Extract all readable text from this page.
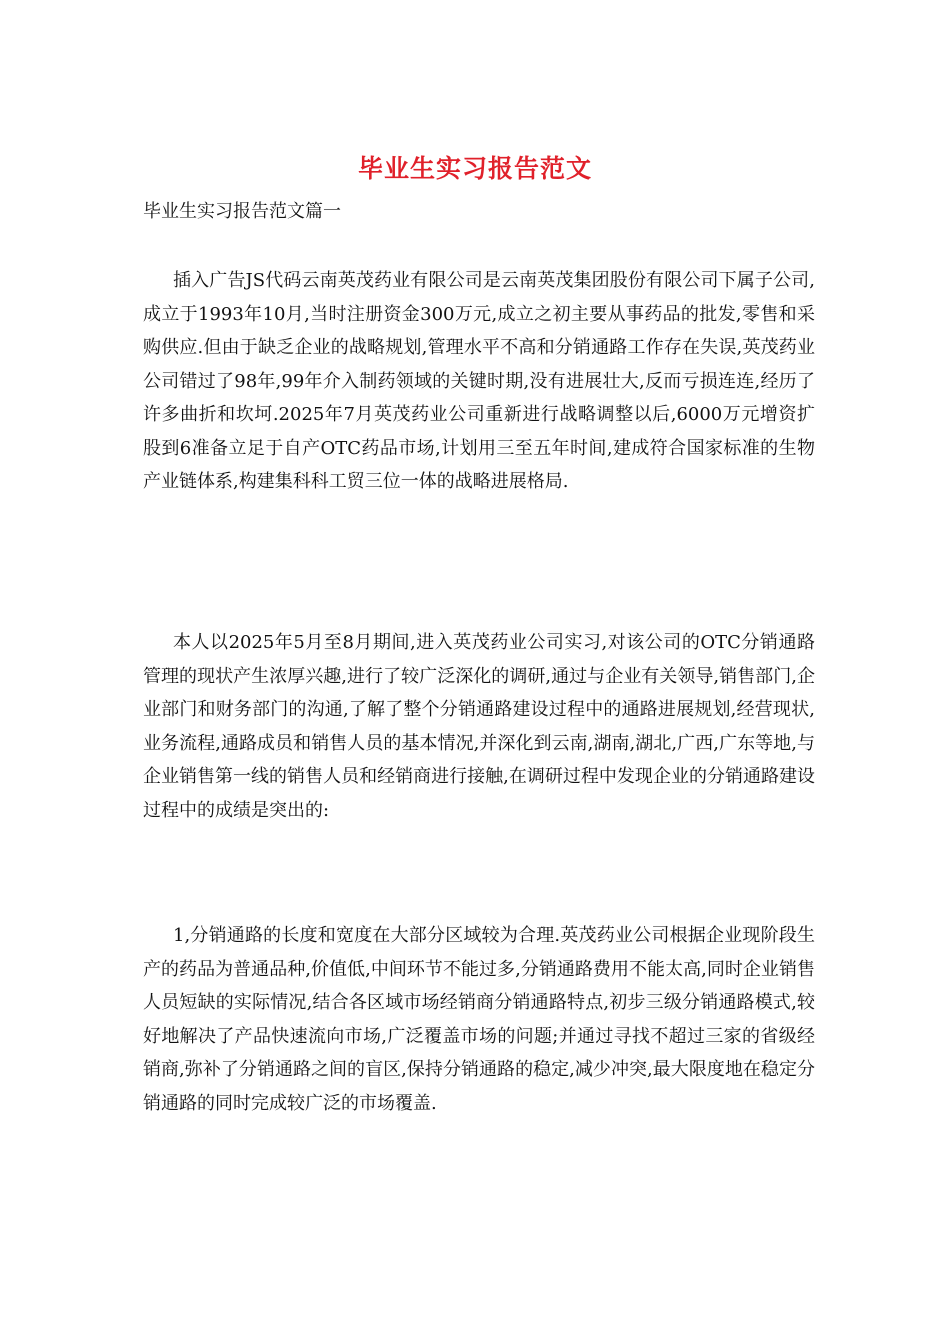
毕业生实习报告范文
毕业生实习报告范文篇一

插入广告JS代码云南英茂药业有限公司是云南英茂集团股份有限公司下属子公司,成立于1993年10月,当时注册资金300万元,成立之初主要从事药品的批发,零售和采购供应.但由于缺乏企业的战略规划,管理水平不高和分销通路工作存在失误,英茂药业公司错过了98年,99年介入制药领域的关键时期,没有进展壮大,反而亏损连连,经历了许多曲折和坎坷.2025年7月英茂药业公司重新进行战略调整以后,6000万元增资扩股到6准备立足于自产OTC药品市场,计划用三至五年时间,建成符合国家标准的生物产业链体系,构建集科科工贸三位一体的战略进展格局.

本人以2025年5月至8月期间,进入英茂药业公司实习,对该公司的OTC分销通路管理的现状产生浓厚兴趣,进行了较广泛深化的调研,通过与企业有关领导,销售部门,企业部门和财务部门的沟通,了解了整个分销通路建设过程中的通路进展规划,经营现状,业务流程,通路成员和销售人员的基本情况,并深化到云南,湖南,湖北,广西,广东等地,与企业销售第一线的销售人员和经销商进行接触,在调研过程中发现企业的分销通路建设过程中的成绩是突出的:

1,分销通路的长度和宽度在大部分区域较为合理.英茂药业公司根据企业现阶段生产的药品为普通品种,价值低,中间环节不能过多,分销通路费用不能太高,同时企业销售人员短缺的实际情况,结合各区域市场经销商分销通路特点,初步三级分销通路模式,较好地解决了产品快速流向市场,广泛覆盖市场的问题;并通过寻找不超过三家的省级经销商,弥补了分销通路之间的盲区,保持分销通路的稳定,减少冲突,最大限度地在稳定分销通路的同时完成较广泛的市场覆盖.
